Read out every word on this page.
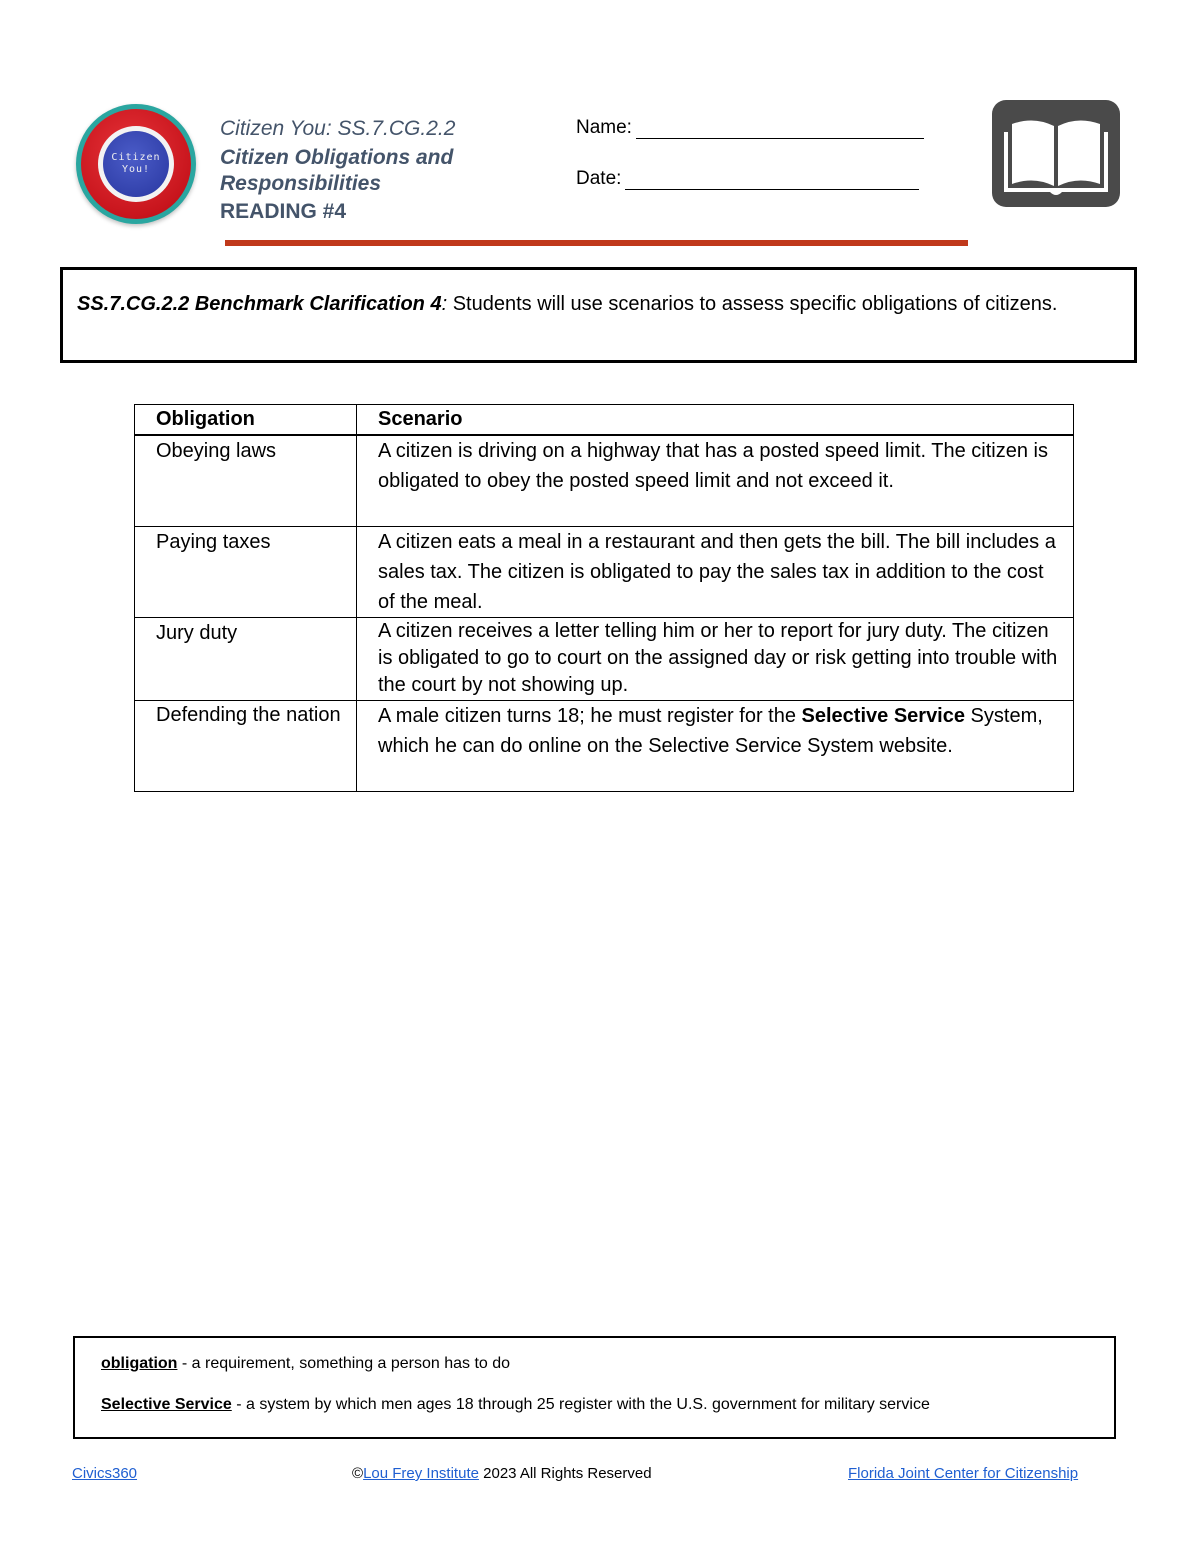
Citizen
You!
Citizen You: SS.7.CG.2.2
Citizen Obligations and Responsibilities
READING #4
Name:
Date:
SS.7.CG.2.2 Benchmark Clarification 4: Students will use scenarios to assess specific obligations of citizens.
Obligation	Scenario
Obeying laws	A citizen is driving on a highway that has a posted speed limit. The citizen is obligated to obey the posted speed limit and not exceed it.
Paying taxes	A citizen eats a meal in a restaurant and then gets the bill. The bill includes a sales tax. The citizen is obligated to pay the sales tax in addition to the cost of the meal.
Jury duty	A citizen receives a letter telling him or her to report for jury duty. The citizen is obligated to go to court on the assigned day or risk getting into trouble with the court by not showing up.
Defending the nation	A male citizen turns 18; he must register for the Selective Service System, which he can do online on the Selective Service System website.
obligation - a requirement, something a person has to do
Selective Service - a system by which men ages 18 through 25 register with the U.S. government for military service
Civics360	©Lou Frey Institute 2023 All Rights Reserved	Florida Joint Center for Citizenship
